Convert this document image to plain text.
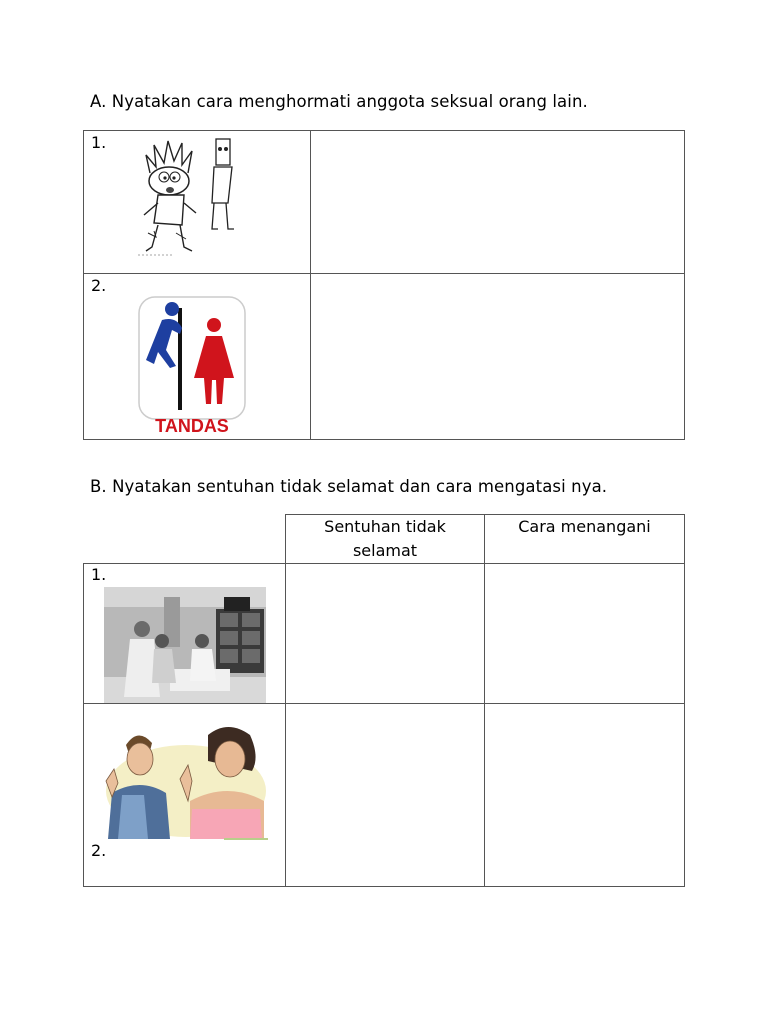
A. Nyatakan cara menghormati anggota seksual orang lain.
1.	

2.
TANDAS	

B. Nyatakan sentuhan tidak selamat dan cara mengatasi nya.

	Sentuhan tidak selamat	Cara menangani

1.		

2.		
